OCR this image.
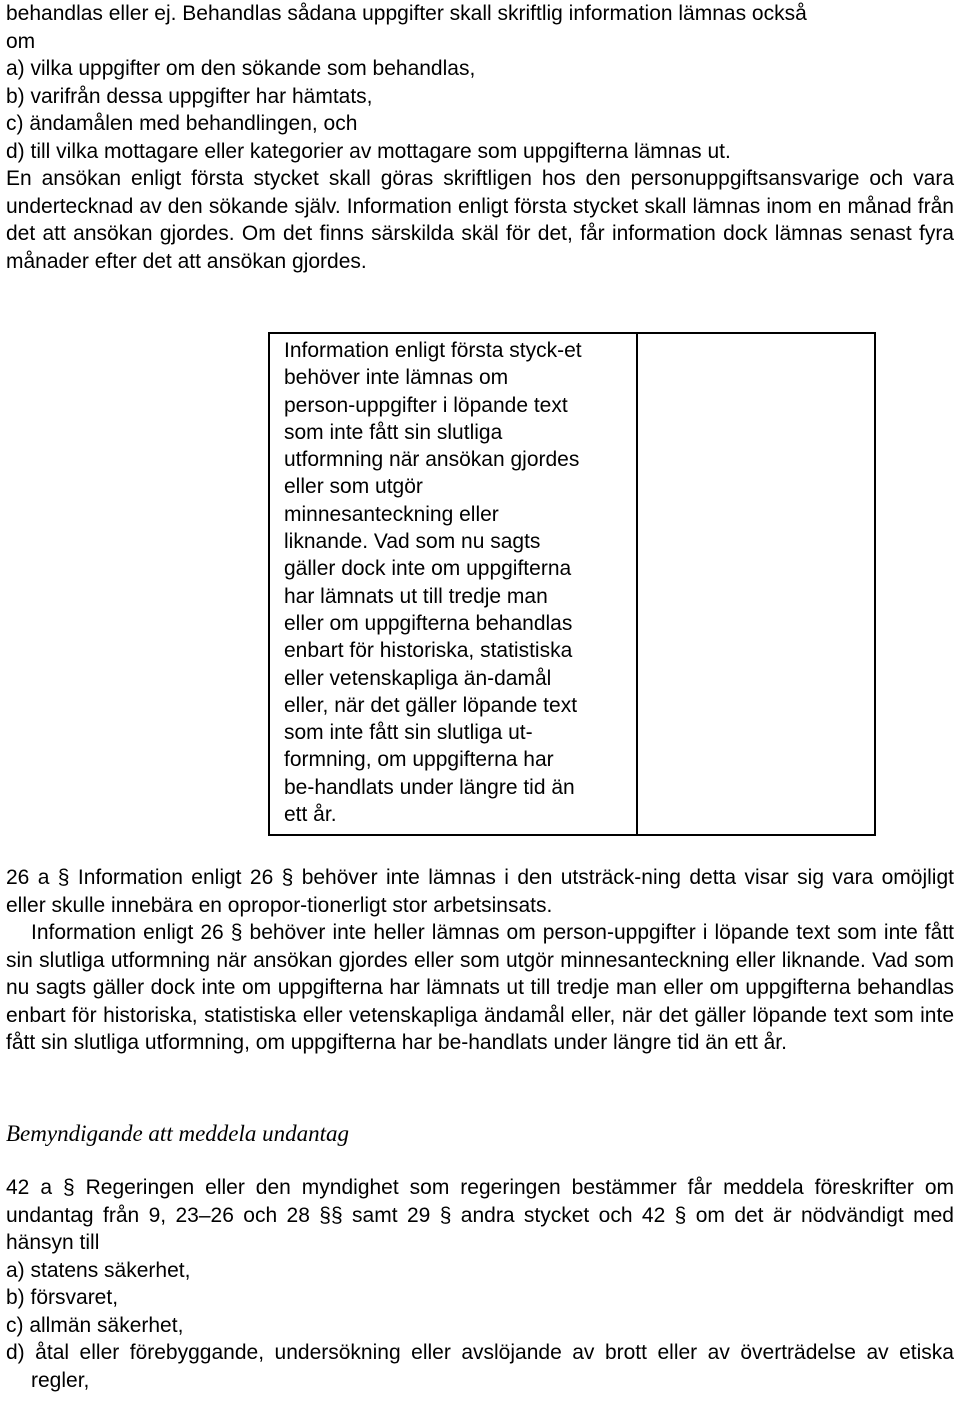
behandlas eller ej. Behandlas sådana uppgifter skall skriftlig information lämnas också
om
a) vilka uppgifter om den sökande som behandlas,
b) varifrån dessa uppgifter har hämtats,
c) ändamålen med behandlingen, och
d) till vilka mottagare eller kategorier av mottagare som uppgifterna lämnas ut.
En ansökan enligt första stycket skall göras skriftligen hos den personuppgiftsansvarige och vara undertecknad av den sökande själv. Information enligt första stycket skall lämnas inom en månad från det att ansökan gjordes. Om det finns särskilda skäl för det, får information dock lämnas senast fyra månader efter det att ansökan gjordes.
Information enligt första styck-et
behöver inte lämnas om
person-uppgifter i löpande text
som inte fått sin slutliga
utformning när ansökan gjordes
eller som utgör
minnesanteckning eller
liknande. Vad som nu sagts
gäller dock inte om uppgifterna
har lämnats ut till tredje man
eller om uppgifterna behandlas
enbart för historiska, statistiska
eller vetenskapliga än-damål
eller, när det gäller löpande text
som inte fått sin slutliga ut-
formning, om uppgifterna har
be-handlats under längre tid än
ett år.
26 a § Information enligt 26 § behöver inte lämnas i den utsträck-ning detta visar sig vara omöjligt eller skulle innebära en opropor-tionerligt stor arbetsinsats.
Information enligt 26 § behöver inte heller lämnas om person-uppgifter i löpande text som inte fått sin slutliga utformning när ansökan gjordes eller som utgör minnesanteckning eller liknande. Vad som nu sagts gäller dock inte om uppgifterna har lämnats ut till tredje man eller om uppgifterna behandlas enbart för historiska, statistiska eller vetenskapliga ändamål eller, när det gäller löpande text som inte fått sin slutliga utformning, om uppgifterna har be-handlats under längre tid än ett år.
Bemyndigande att meddela undantag
42 a § Regeringen eller den myndighet som regeringen bestämmer får meddela föreskrifter om undantag från 9, 23–26 och 28 §§ samt 29 § andra stycket och 42 § om det är nödvändigt med hänsyn till
a) statens säkerhet,
b) försvaret,
c) allmän säkerhet,
d) åtal eller förebyggande, undersökning eller avslöjande av brott eller av överträdelse av etiska regler,
